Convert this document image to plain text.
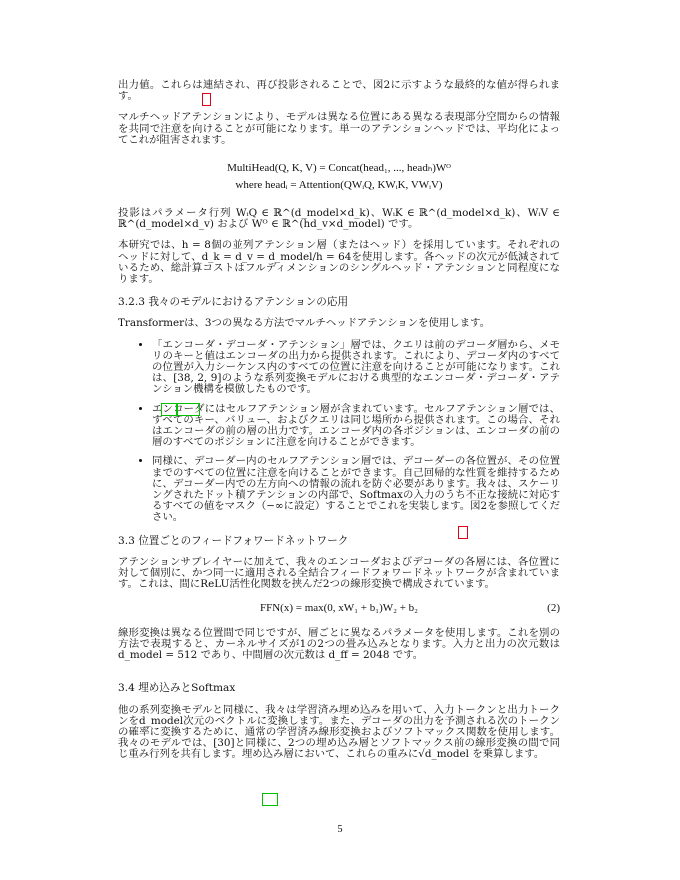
出力値。これらは連結され、再び投影されることで、図2に示すような最終的な値が得られます。

マルチヘッドアテンションにより、モデルは異なる位置にある異なる表現部分空間からの情報を共同で注意を向けることが可能になります。単一のアテンションヘッドでは、平均化によってこれが阻害されます。

MultiHead(Q, K, V) = Concat(head₁, ..., headₕ)Wᴼ
where headᵢ = Attention(QWᵢQ, KWᵢK, VWᵢV)

投影はパラメータ行列 WᵢQ ∈ ℝ^(d_model×d_k)、WᵢK ∈ ℝ^(d_model×d_k)、WᵢV ∈ ℝ^(d_model×d_v) および Wᴼ ∈ ℝ^(hd_v×d_model) です。

本研究では、h = 8個の並列アテンション層（またはヘッド）を採用しています。それぞれのヘッドに対して、d_k = d_v = d_model/h = 64を使用します。各ヘッドの次元が低減されているため、総計算コストはフルディメンションのシングルヘッド・アテンションと同程度になります。

3.2.3 我々のモデルにおけるアテンションの応用

Transformerは、3つの異なる方法でマルチヘッドアテンションを使用します。

• 「エンコーダ・デコーダ・アテンション」層では、クエリは前のデコーダ層から、メモリのキーと値はエンコーダの出力から提供されます。これにより、デコーダ内のすべての位置が入力シーケンス内のすべての位置に注意を向けることが可能になります。これは、[38, 2, 9]のような系列変換モデルにおける典型的なエンコーダ・デコーダ・アテンション機構を模倣したものです。
• エンコーダにはセルフアテンション層が含まれています。セルフアテンション層では、すべてのキー、バリュー、およびクエリは同じ場所から提供されます。この場合、それはエンコーダの前の層の出力です。エンコーダ内の各ポジションは、エンコーダの前の層のすべてのポジションに注意を向けることができます。
• 同様に、デコーダー内のセルフアテンション層では、デコーダーの各位置が、その位置までのすべての位置に注意を向けることができます。自己回帰的な性質を維持するために、デコーダー内での左方向への情報の流れを防ぐ必要があります。我々は、スケーリングされたドット積アテンションの内部で、Softmaxの入力のうち不正な接続に対応するすべての値をマスク（−∞に設定）することでこれを実装します。図2を参照してください。
3.3 位置ごとのフィードフォワードネットワーク

アテンションサブレイヤーに加えて、我々のエンコーダおよびデコーダの各層には、各位置に対して個別に、かつ同一に適用される全結合フィードフォワードネットワークが含まれています。これは、間にReLU活性化関数を挟んだ2つの線形変換で構成されています。

FFN(x) = max(0, xW₁ + b₁)W₂ + b₂	(2)

線形変換は異なる位置間で同じですが、層ごとに異なるパラメータを使用します。これを別の方法で表現すると、カーネルサイズが1の2つの畳み込みとなります。入力と出力の次元数は d_model = 512 であり、中間層の次元数は d_ff = 2048 です。

3.4 埋め込みとSoftmax

他の系列変換モデルと同様に、我々は学習済み埋め込みを用いて、入力トークンと出力トークンをd_model次元のベクトルに変換します。また、デコーダの出力を予測される次のトークンの確率に変換するために、通常の学習済み線形変換およびソフトマックス関数を使用します。我々のモデルでは、[30]と同様に、2つの埋め込み層とソフトマックス前の線形変換の間で同じ重み行列を共有します。埋め込み層において、これらの重みに√d_model を乗算します。

5
